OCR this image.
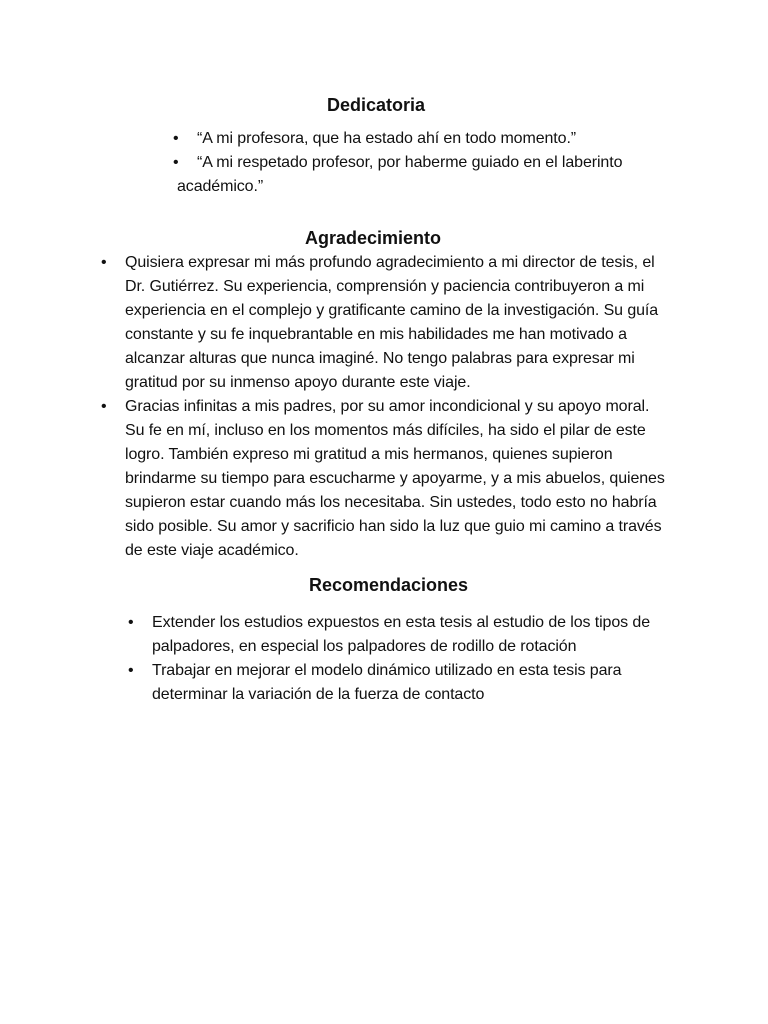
Dedicatoria
• “A mi profesora, que ha estado ahí en todo momento.”
• “A mi respetado profesor, por haberme guiado en el laberinto
académico.”
Agradecimiento
• Quisiera expresar mi más profundo agradecimiento a mi director de tesis, el Dr. Gutiérrez. Su experiencia, comprensión y paciencia contribuyeron a mi experiencia en el complejo y gratificante camino de la investigación. Su guía constante y su fe inquebrantable en mis habilidades me han motivado a alcanzar alturas que nunca imaginé. No tengo palabras para expresar mi gratitud por su inmenso apoyo durante este viaje.
• Gracias infinitas a mis padres, por su amor incondicional y su apoyo moral. Su fe en mí, incluso en los momentos más difíciles, ha sido el pilar de este logro. También expreso mi gratitud a mis hermanos, quienes supieron brindarme su tiempo para escucharme y apoyarme, y a mis abuelos, quienes supieron estar cuando más los necesitaba. Sin ustedes, todo esto no habría sido posible. Su amor y sacrificio han sido la luz que guio mi camino a través de este viaje académico.
Recomendaciones
• Extender los estudios expuestos en esta tesis al estudio de los tipos de palpadores, en especial los palpadores de rodillo de rotación
• Trabajar en mejorar el modelo dinámico utilizado en esta tesis para determinar la variación de la fuerza de contacto
